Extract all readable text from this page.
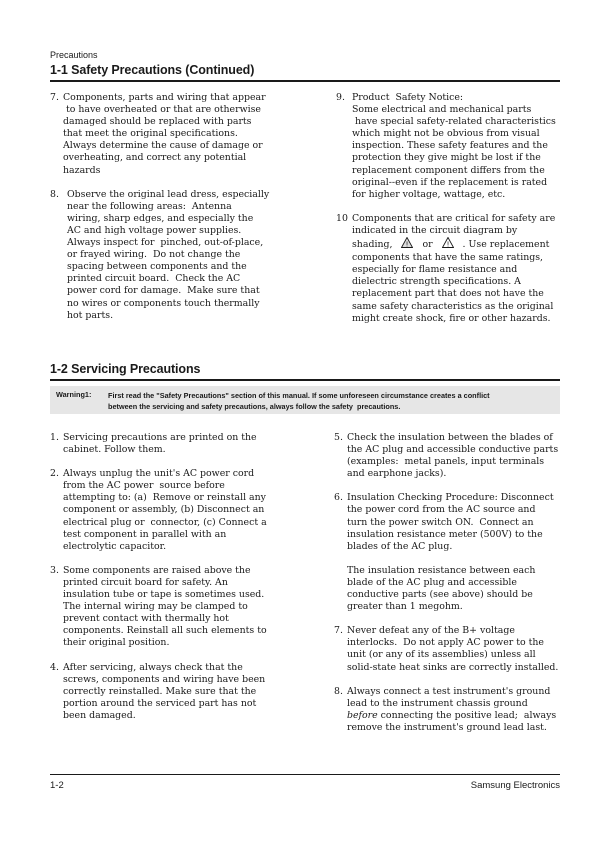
Precautions
1-1 Safety Precautions (Continued)
7. Components, parts and wiring that appear
to have overheated or that are otherwise
damaged should be replaced with parts
that meet the original specifications.
Always determine the cause of damage or
overheating, and correct any potential
hazards
8. Observe the original lead dress, especially
near the following areas:  Antenna
wiring, sharp edges, and especially the
AC and high voltage power supplies.
Always inspect for  pinched, out-of-place,
or frayed wiring.  Do not change the
spacing between components and the
printed circuit board.  Check the AC
power cord for damage.  Make sure that
no wires or components touch thermally
hot parts.
9. Product  Safety Notice:
Some electrical and mechanical parts
have special safety-related characteristics
which might not be obvious from visual
inspection. These safety features and the
protection they give might be lost if the
replacement component differs from the
original--even if the replacement is rated
for higher voltage, wattage, etc.
10 Components that are critical for safety are
indicated in the circuit diagram by
shading, ! or ! . Use replacement
components that have the same ratings,
especially for flame resistance and
dielectric strength specifications. A
replacement part that does not have the
same safety characteristics as the original
might create shock, fire or other hazards.
1-2 Servicing Precautions
Warning1: First read the "Safety Precautions" section of this manual. If some unforeseen circumstance creates a conflict
between the servicing and safety precautions, always follow the safety  precautions.
1. Servicing precautions are printed on the
cabinet. Follow them.
2. Always unplug the unit's AC power cord
from the AC power  source before
attempting to: (a)  Remove or reinstall any
component or assembly, (b) Disconnect an
electrical plug or  connector, (c) Connect a
test component in parallel with an
electrolytic capacitor.
3. Some components are raised above the
printed circuit board for safety. An
insulation tube or tape is sometimes used.
The internal wiring may be clamped to
prevent contact with thermally hot
components. Reinstall all such elements to
their original position.
4. After servicing, always check that the
screws, components and wiring have been
correctly reinstalled. Make sure that the
portion around the serviced part has not
been damaged.
5. Check the insulation between the blades of
the AC plug and accessible conductive parts
(examples:  metal panels, input terminals
and earphone jacks).
6. Insulation Checking Procedure: Disconnect
the power cord from the AC source and
turn the power switch ON.  Connect an
insulation resistance meter (500V) to the
blades of the AC plug.
The insulation resistance between each
blade of the AC plug and accessible
conductive parts (see above) should be
greater than 1 megohm.
7. Never defeat any of the B+ voltage
interlocks.  Do not apply AC power to the
unit (or any of its assemblies) unless all
solid-state heat sinks are correctly installed.
8. Always connect a test instrument's ground
lead to the instrument chassis ground
before connecting the positive lead;  always
remove the instrument's ground lead last.
1-2	Samsung Electronics
